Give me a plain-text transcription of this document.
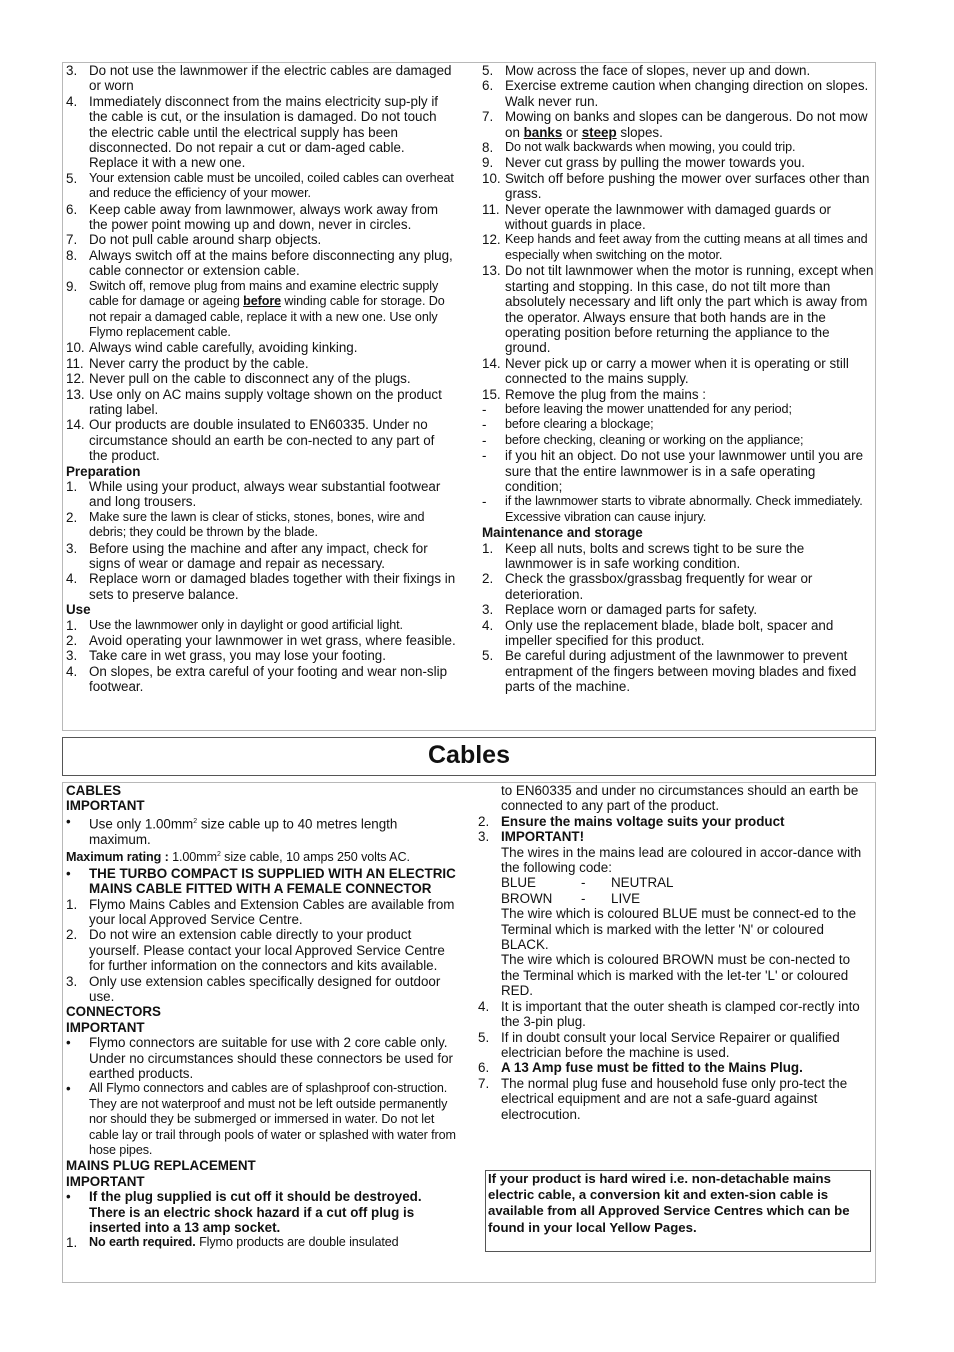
3. Do not use the lawnmower if the electric cables are damaged or worn
4. Immediately disconnect from the mains electricity sup-ply if the cable is cut, or the insulation is damaged. Do not touch the electric cable until the electrical supply has been disconnected. Do not repair a cut or dam-aged cable. Replace it with a new one.
5. Your extension cable must be uncoiled, coiled cables can overheat and reduce the efficiency of your mower.
6. Keep cable away from lawnmower, always work away from the power point mowing up and down, never in circles.
7. Do not pull cable around sharp objects.
8. Always switch off at the mains before disconnecting any plug, cable connector or extension cable.
9. Switch off, remove plug from mains and examine electric supply cable for damage or ageing before winding cable for storage. Do not repair a damaged cable, replace it with a new one. Use only Flymo replacement cable.
10. Always wind cable carefully, avoiding kinking.
11. Never carry the product by the cable.
12. Never pull on the cable to disconnect any of the plugs.
13. Use only on AC mains supply voltage shown on the product rating label.
14. Our products are double insulated to EN60335. Under no circumstance should an earth be con-nected to any part of the product.
Preparation
1. While using your product, always wear substantial footwear and long trousers.
2. Make sure the lawn is clear of sticks, stones, bones, wire and debris; they could be thrown by the blade.
3. Before using the machine and after any impact, check for signs of wear or damage and repair as necessary.
4. Replace worn or damaged blades together with their fixings in sets to preserve balance.
Use
1. Use the lawnmower only in daylight or good artificial light.
2. Avoid operating your lawnmower in wet grass, where feasible.
3. Take care in wet grass, you may lose your footing.
4. On slopes, be extra careful of your footing and wear non-slip footwear.
5. Mow across the face of slopes, never up and down.
6. Exercise extreme caution when changing direction on slopes. Walk never run.
7. Mowing on banks and slopes can be dangerous. Do not mow on banks or steep slopes.
8. Do not walk backwards when mowing, you could trip.
9. Never cut grass by pulling the mower towards you.
10. Switch off before pushing the mower over surfaces other than grass.
11. Never operate the lawnmower with damaged guards or without guards in place.
12. Keep hands and feet away from the cutting means at all times and especially when switching on the motor.
13. Do not tilt lawnmower when the motor is running, except when starting and stopping. In this case, do not tilt more than absolutely necessary and lift only the part which is away from the operator. Always ensure that both hands are in the operating position before returning the appliance to the ground.
14. Never pick up or carry a mower when it is operating or still connected to the mains supply.
15. Remove the plug from the mains :
-	before leaving the mower unattended for any period;
-	before clearing a blockage;
-	before checking, cleaning or working on the appliance;
-	if you hit an object. Do not use your lawnmower until you are sure that the entire lawnmower is in a safe operating condition;
-	if the lawnmower starts to vibrate abnormally. Check immediately. Excessive vibration can cause injury.
Maintenance and storage
1. Keep all nuts, bolts and screws tight to be sure the lawnmower is in safe working condition.
2. Check the grassbox/grassbag frequently for wear or deterioration.
3. Replace worn or damaged parts for safety.
4. Only use the replacement blade, blade bolt, spacer and impeller specified for this product.
5. Be careful during adjustment of the lawnmower to prevent entrapment of the fingers between moving blades and fixed parts of the machine.
Cables
CABLES
IMPORTANT
•	Use only $1.00mm^2$ size cable up to 40 metres length maximum.
Maximum rating : $1.00mm^2$ size cable, 10 amps 250 volts AC.
•	THE TURBO COMPACT IS SUPPLIED WITH AN ELECTRIC MAINS CABLE FITTED WITH A FEMALE CONNECTOR
1. Flymo Mains Cables and Extension Cables are available from your local Approved Service Centre.
2. Do not wire an extension cable directly to your product yourself. Please contact your local Approved Service Centre for further information on the connectors and kits available.
3. Only use extension cables specifically designed for outdoor use.
CONNECTORS
IMPORTANT
•	Flymo connectors are suitable for use with 2 core cable only. Under no circumstances should these connectors be used for earthed products.
•	All Flymo connectors and cables are of splashproof con-struction. They are not waterproof and must not be left outside permanently nor should they be submerged or immersed in water. Do not let cable lay or trail through pools of water or splashed with water from hose pipes.
MAINS PLUG REPLACEMENT
IMPORTANT
•	If the plug supplied is cut off it should be destroyed. There is an electric shock hazard if a cut off plug is inserted into a 13 amp socket.
1. No earth required. Flymo products are double insulated
to EN60335 and under no circumstances should an earth be connected to any part of the product.
2. Ensure the mains voltage suits your product
3. IMPORTANT!
The wires in the mains lead are coloured in accor-dance with the following code:
BLUE	-	NEUTRAL
BROWN	-	LIVE
The wire which is coloured BLUE must be connect-ed to the Terminal which is marked with the letter 'N' or coloured BLACK.
The wire which is coloured BROWN must be con-nected to the Terminal which is marked with the let-ter 'L' or coloured RED.
4. It is important that the outer sheath is clamped cor-rectly into the 3-pin plug.
5. If in doubt consult your local Service Repairer or qualified electrician before the machine is used.
6. A 13 Amp fuse must be fitted to the Mains Plug.
7. The normal plug fuse and household fuse only pro-tect the electrical equipment and are not a safe-guard against electrocution.
If your product is hard wired i.e. non-detachable mains electric cable, a conversion kit and exten-sion cable is available from all Approved Service Centres which can be found in your local Yellow Pages.
